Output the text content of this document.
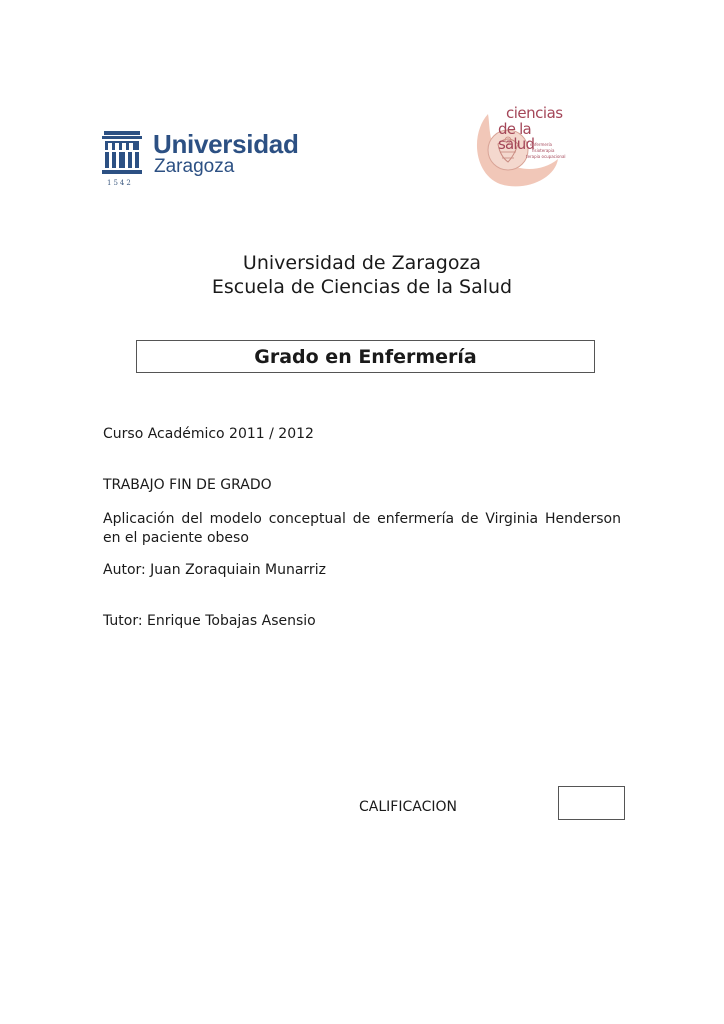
1542
Universidad
Zaragoza
ciencias
de la salud
enfermería
fisioterapia
terapia ocupacional
Universidad de Zaragoza
Escuela de Ciencias de la Salud
Grado en Enfermería
Curso Académico 2011 / 2012
TRABAJO FIN DE GRADO
Aplicación del modelo conceptual de enfermería de Virginia Henderson
en el paciente obeso
Autor: Juan Zoraquiain Munarriz
Tutor: Enrique Tobajas Asensio
CALIFICACION
